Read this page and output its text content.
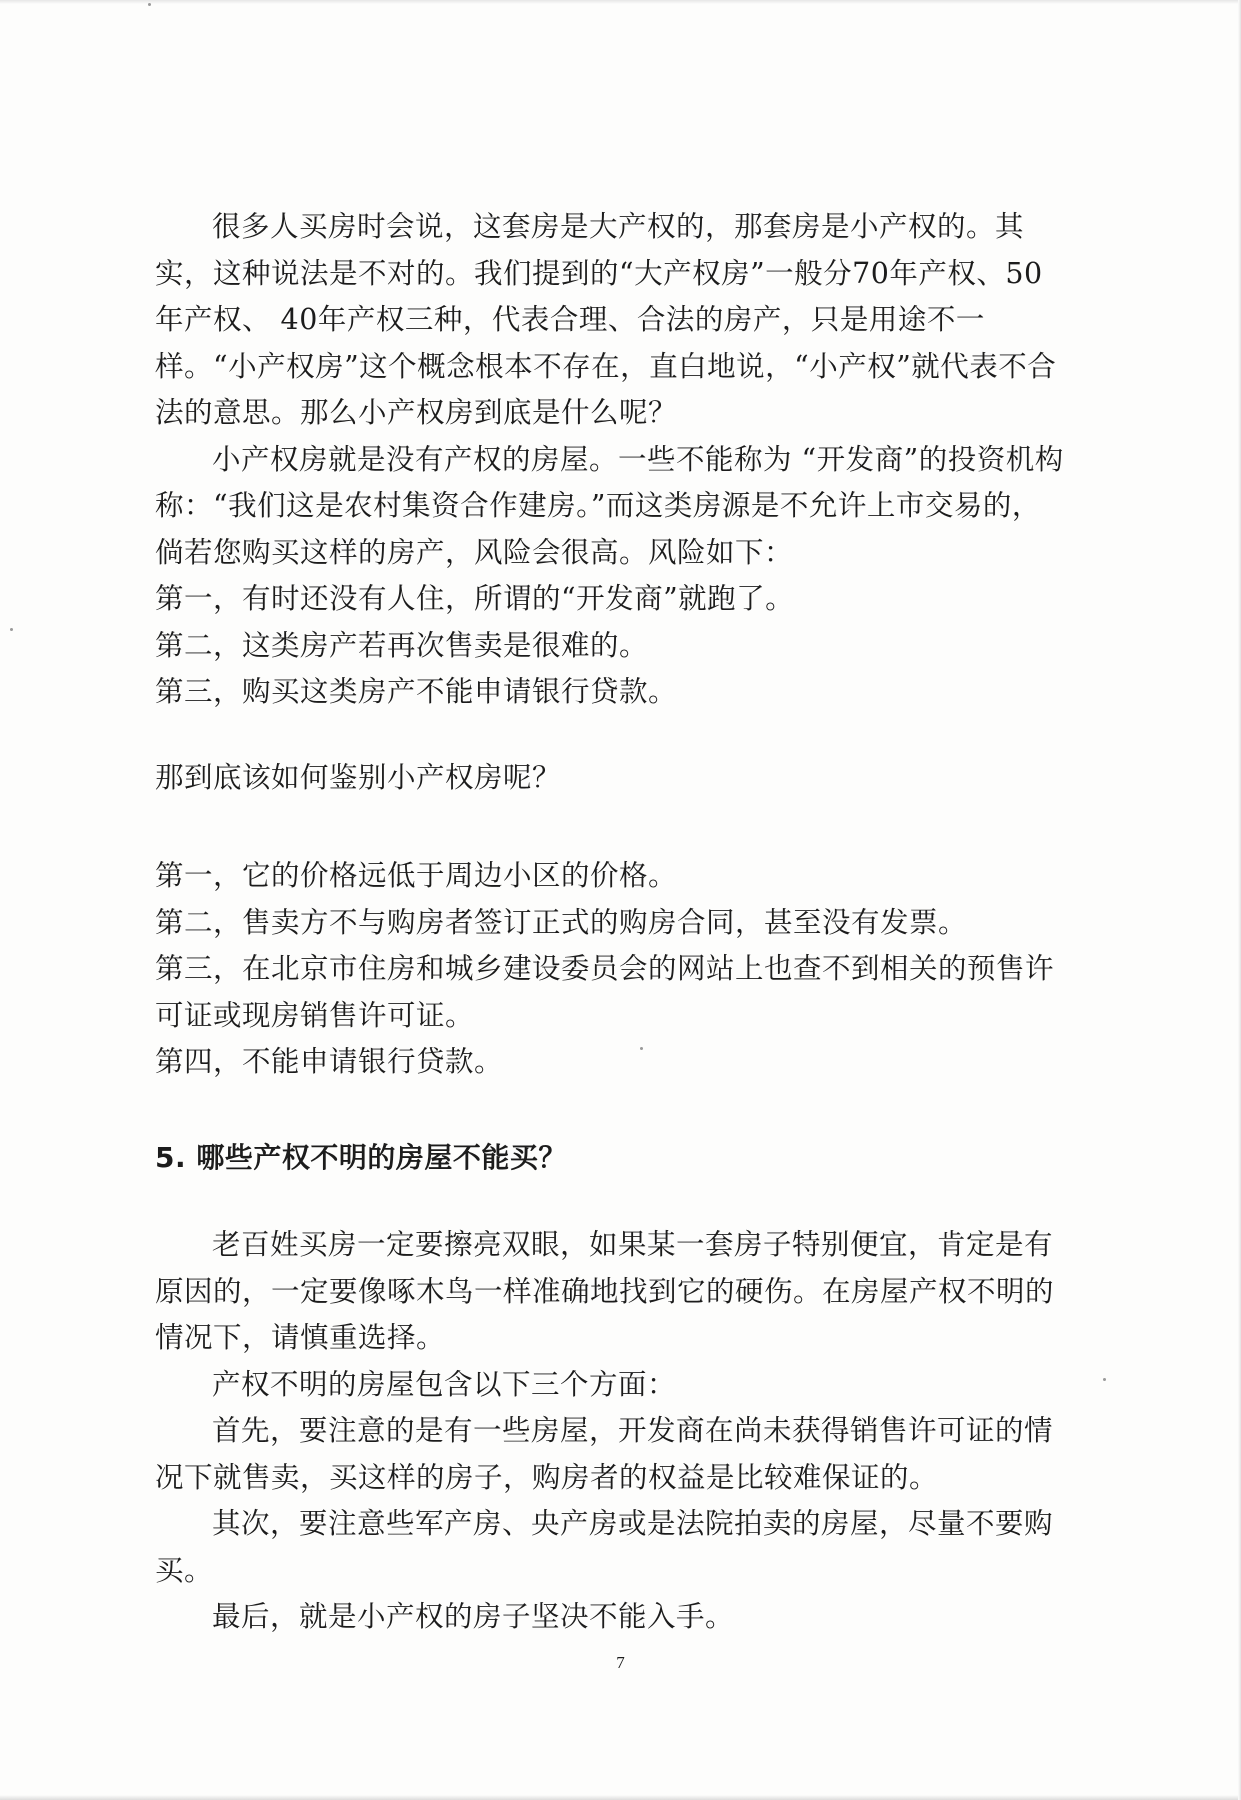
很多人买房时会说，这套房是大产权的，那套房是小产权的。其实，这种说法是不对的。我们提到的“大产权房”一般分70年产权、50年产权、 40年产权三种，代表合理、合法的房产，只是用途不一样。“小产权房”这个概念根本不存在，直白地说，“小产权”就代表不合法的意思。那么小产权房到底是什么呢？

小产权房就是没有产权的房屋。一些不能称为 “开发商”的投资机构称：“我们这是农村集资合作建房。”而这类房源是不允许上市交易的，倘若您购买这样的房产，风险会很高。风险如下：

第一，有时还没有人住，所谓的“开发商”就跑了。

第二，这类房产若再次售卖是很难的。

第三，购买这类房产不能申请银行贷款。

那到底该如何鉴别小产权房呢？

第一，它的价格远低于周边小区的价格。

第二，售卖方不与购房者签订正式的购房合同，甚至没有发票。

第三，在北京市住房和城乡建设委员会的网站上也查不到相关的预售许可证或现房销售许可证。

第四，不能申请银行贷款。

5. 哪些产权不明的房屋不能买？

老百姓买房一定要擦亮双眼，如果某一套房子特别便宜，肯定是有原因的，一定要像啄木鸟一样准确地找到它的硬伤。在房屋产权不明的情况下，请慎重选择。

产权不明的房屋包含以下三个方面：

首先，要注意的是有一些房屋，开发商在尚未获得销售许可证的情况下就售卖，买这样的房子，购房者的权益是比较难保证的。

其次，要注意些军产房、央产房或是法院拍卖的房屋，尽量不要购买。

最后，就是小产权的房子坚决不能入手。

7
